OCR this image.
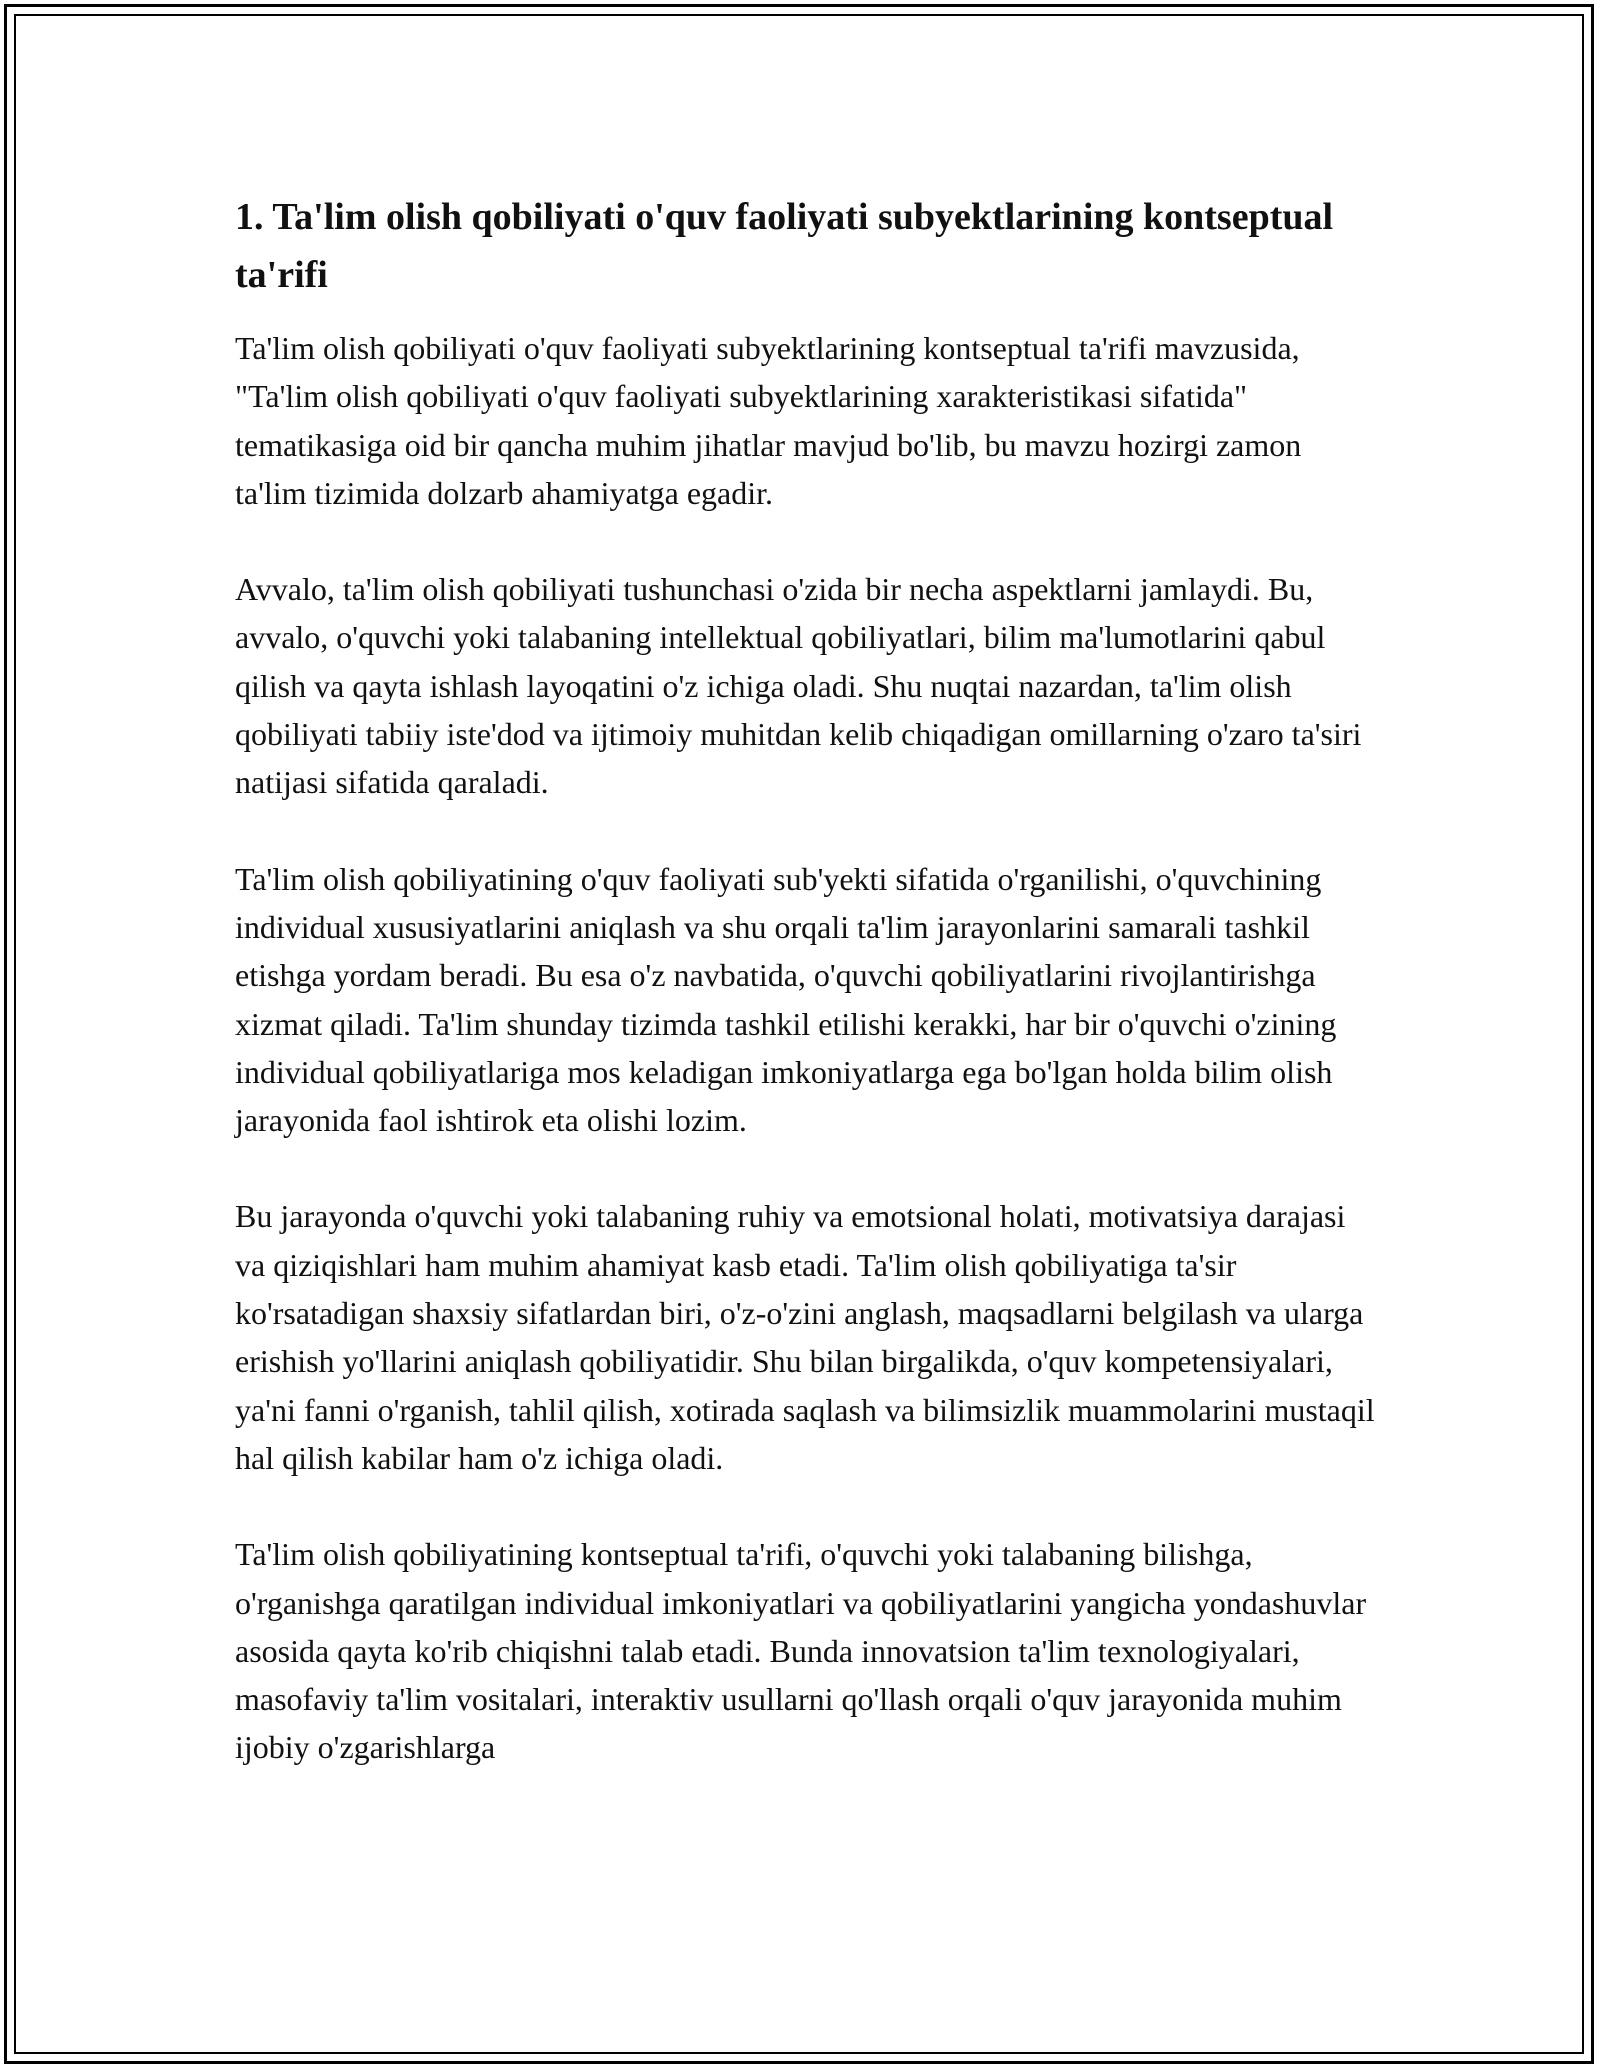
1. Ta'lim olish qobiliyati o'quv faoliyati subyektlarining kontseptual ta'rifi

Ta'lim olish qobiliyati o'quv faoliyati subyektlarining kontseptual ta'rifi mavzusida, "Ta'lim olish qobiliyati o'quv faoliyati subyektlarining xarakteristikasi sifatida" tematikasiga oid bir qancha muhim jihatlar mavjud bo'lib, bu mavzu hozirgi zamon ta'lim tizimida dolzarb ahamiyatga egadir.

Avvalo, ta'lim olish qobiliyati tushunchasi o'zida bir necha aspektlarni jamlaydi. Bu, avvalo, o'quvchi yoki talabaning intellektual qobiliyatlari, bilim ma'lumotlarini qabul qilish va qayta ishlash layoqatini o'z ichiga oladi. Shu nuqtai nazardan, ta'lim olish qobiliyati tabiiy iste'dod va ijtimoiy muhitdan kelib chiqadigan omillarning o'zaro ta'siri natijasi sifatida qaraladi.

Ta'lim olish qobiliyatining o'quv faoliyati sub'yekti sifatida o'rganilishi, o'quvchining individual xususiyatlarini aniqlash va shu orqali ta'lim jarayonlarini samarali tashkil etishga yordam beradi. Bu esa o'z navbatida, o'quvchi qobiliyatlarini rivojlantirishga xizmat qiladi. Ta'lim shunday tizimda tashkil etilishi kerakki, har bir o'quvchi o'zining individual qobiliyatlariga mos keladigan imkoniyatlarga ega bo'lgan holda bilim olish jarayonida faol ishtirok eta olishi lozim.

Bu jarayonda o'quvchi yoki talabaning ruhiy va emotsional holati, motivatsiya darajasi va qiziqishlari ham muhim ahamiyat kasb etadi. Ta'lim olish qobiliyatiga ta'sir ko'rsatadigan shaxsiy sifatlardan biri, o'z-o'zini anglash, maqsadlarni belgilash va ularga erishish yo'llarini aniqlash qobiliyatidir. Shu bilan birgalikda, o'quv kompetensiyalari, ya'ni fanni o'rganish, tahlil qilish, xotirada saqlash va bilimsizlik muammolarini mustaqil hal qilish kabilar ham o'z ichiga oladi.

Ta'lim olish qobiliyatining kontseptual ta'rifi, o'quvchi yoki talabaning bilishga, o'rganishga qaratilgan individual imkoniyatlari va qobiliyatlarini yangicha yondashuvlar asosida qayta ko'rib chiqishni talab etadi. Bunda innovatsion ta'lim texnologiyalari, masofaviy ta'lim vositalari, interaktiv usullarni qo'llash orqali o'quv jarayonida muhim ijobiy o'zgarishlarga
